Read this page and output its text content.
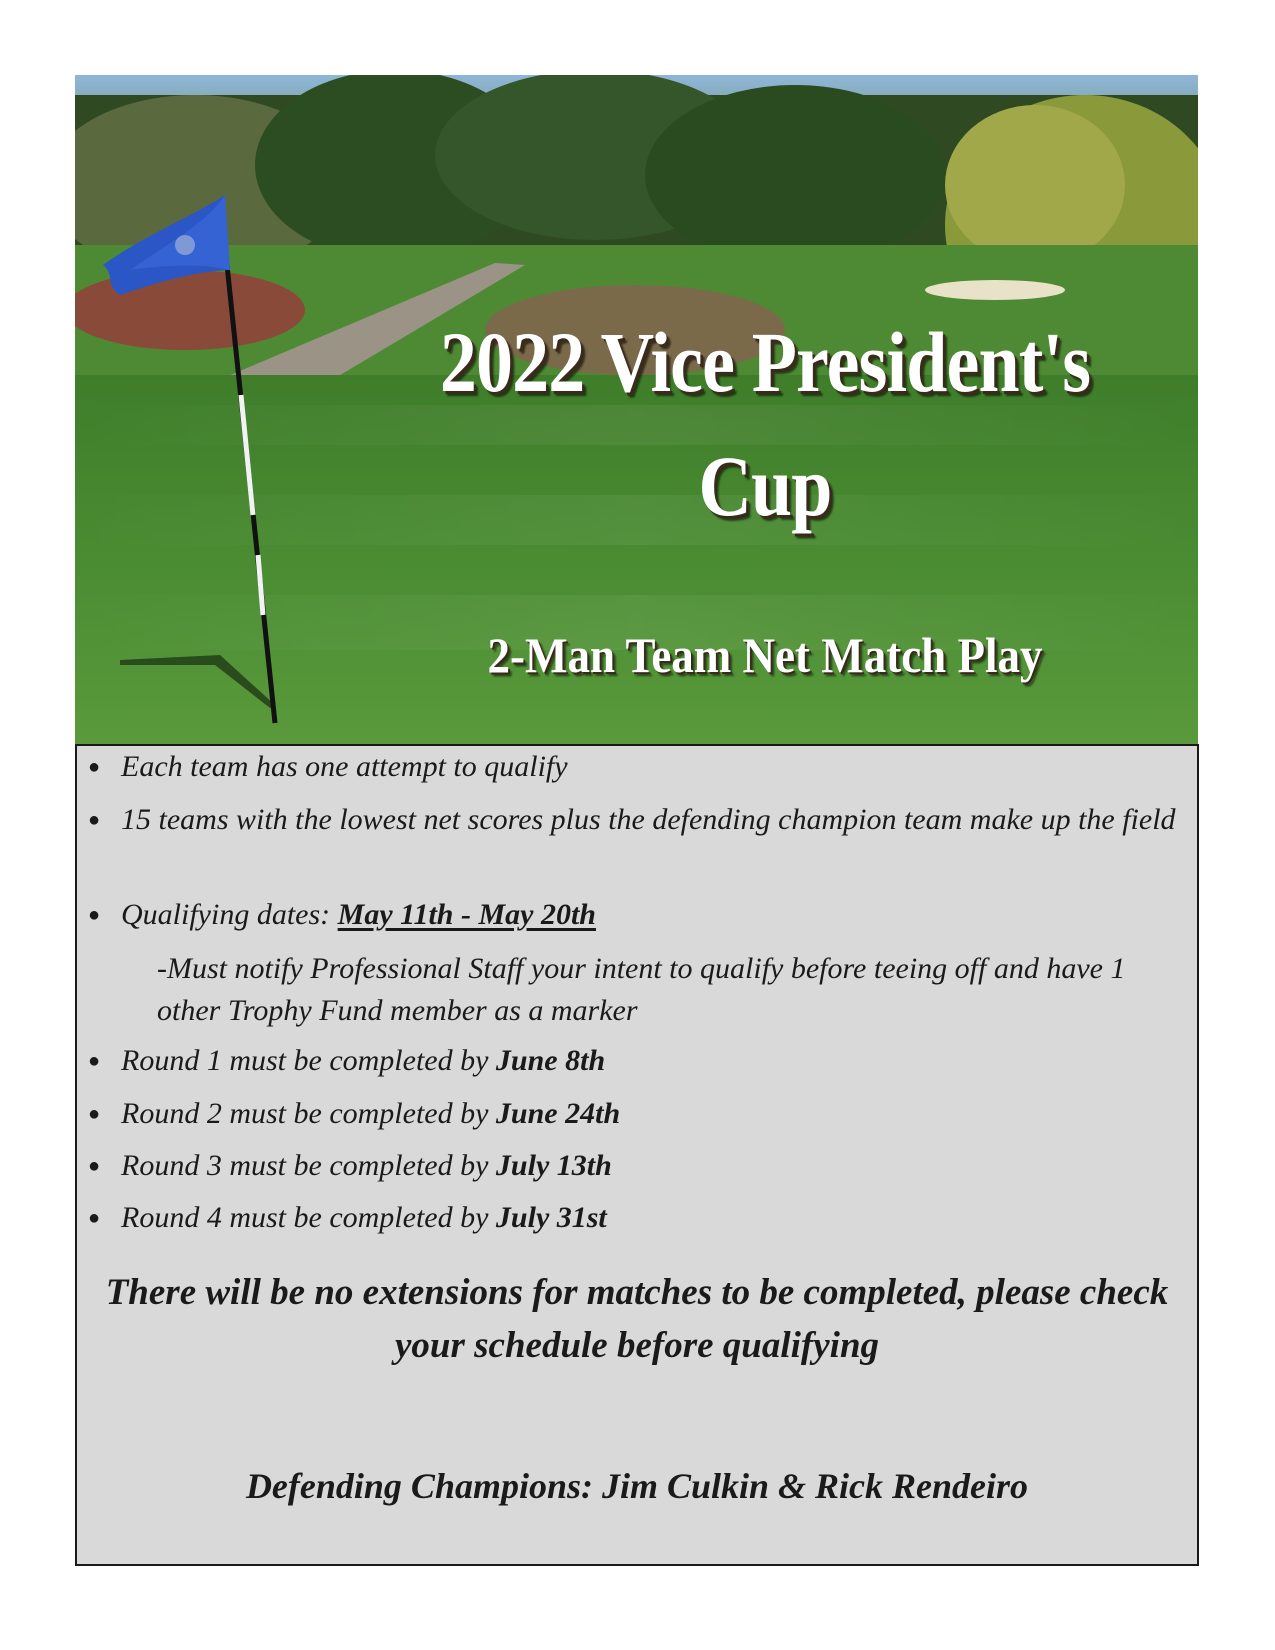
2022 Vice President's
Cup
2-Man Team Net Match Play
● Each team has one attempt to qualify
● 15 teams with the lowest net scores plus the defending champion team make up the field
● Qualifying dates: May 11th - May 20th
● Round 1 must be completed by June 8th
● Round 2 must be completed by June 24th
● Round 3 must be completed by July 13th
● Round 4 must be completed by July 31st
-Must notify Professional Staff your intent to qualify before teeing off and have 1 other Trophy Fund member as a marker
There will be no extensions for matches to be completed, please check your schedule before qualifying
Defending Champions: Jim Culkin & Rick Rendeiro
